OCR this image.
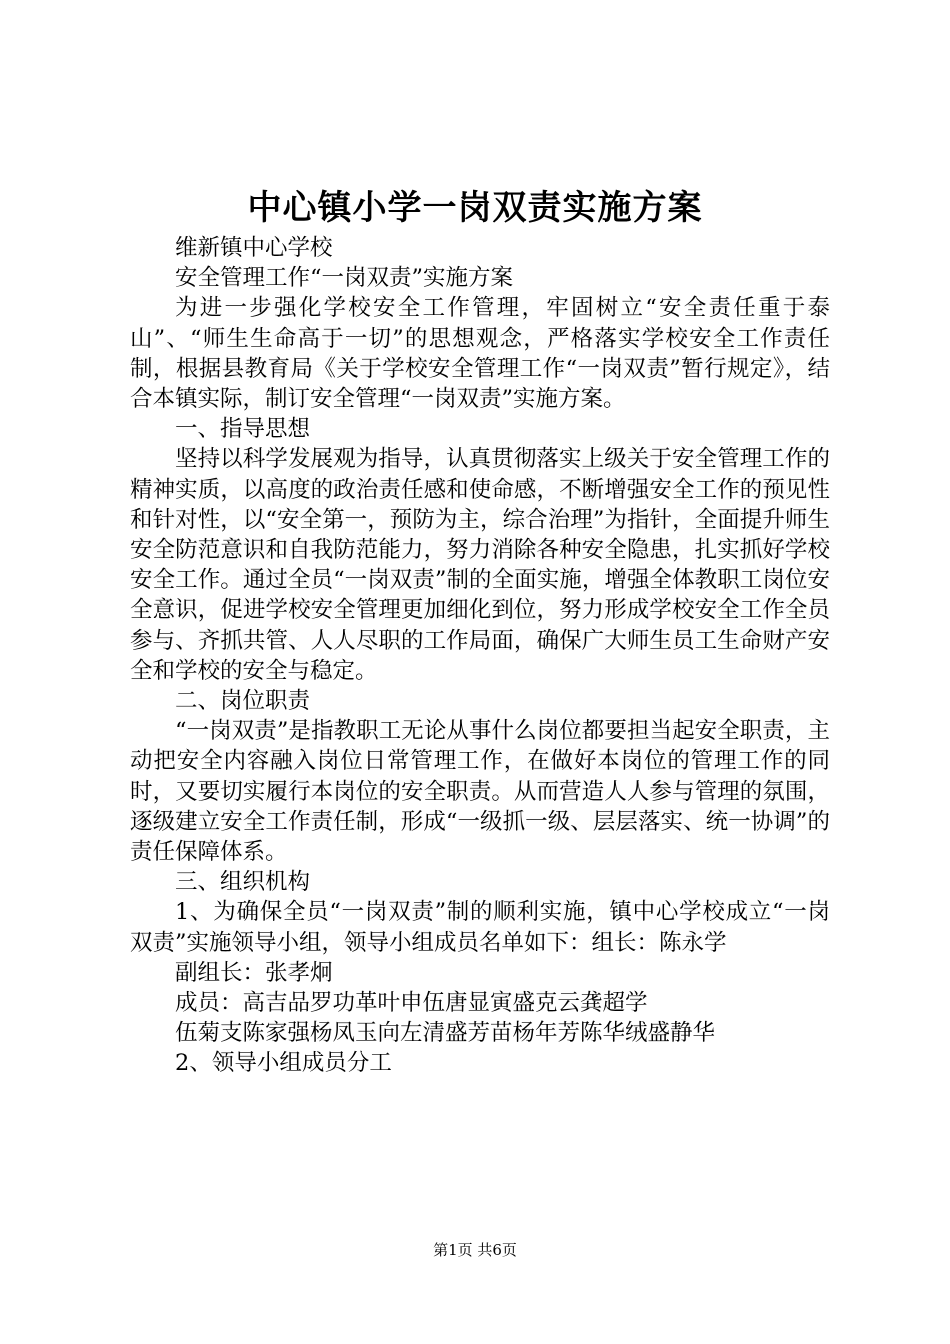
中心镇小学一岗双责实施方案

维新镇中心学校

安全管理工作“一岗双责”实施方案

为进一步强化学校安全工作管理，牢固树立“安全责任重于泰山”、“师生生命高于一切”的思想观念，严格落实学校安全工作责任制，根据县教育局《关于学校安全管理工作“一岗双责”暂行规定》，结合本镇实际，制订安全管理“一岗双责”实施方案。

一、指导思想

坚持以科学发展观为指导，认真贯彻落实上级关于安全管理工作的精神实质，以高度的政治责任感和使命感，不断增强安全工作的预见性和针对性，以“安全第一，预防为主，综合治理”为指针，全面提升师生安全防范意识和自我防范能力，努力消除各种安全隐患，扎实抓好学校安全工作。通过全员“一岗双责”制的全面实施，增强全体教职工岗位安全意识，促进学校安全管理更加细化到位，努力形成学校安全工作全员参与、齐抓共管、人人尽职的工作局面，确保广大师生员工生命财产安全和学校的安全与稳定。

二、岗位职责

“一岗双责”是指教职工无论从事什么岗位都要担当起安全职责，主动把安全内容融入岗位日常管理工作，在做好本岗位的管理工作的同时，又要切实履行本岗位的安全职责。从而营造人人参与管理的氛围，逐级建立安全工作责任制，形成“一级抓一级、层层落实、统一协调”的责任保障体系。

三、组织机构

1、为确保全员“一岗双责”制的顺利实施，镇中心学校成立“一岗双责”实施领导小组，领导小组成员名单如下：组长：陈永学

副组长：张孝炯

成员：高吉品罗功革叶申伍唐显寅盛克云龚超学

伍菊支陈家强杨凤玉向左清盛芳苗杨年芳陈华绒盛静华

2、领导小组成员分工

第1页 共6页
